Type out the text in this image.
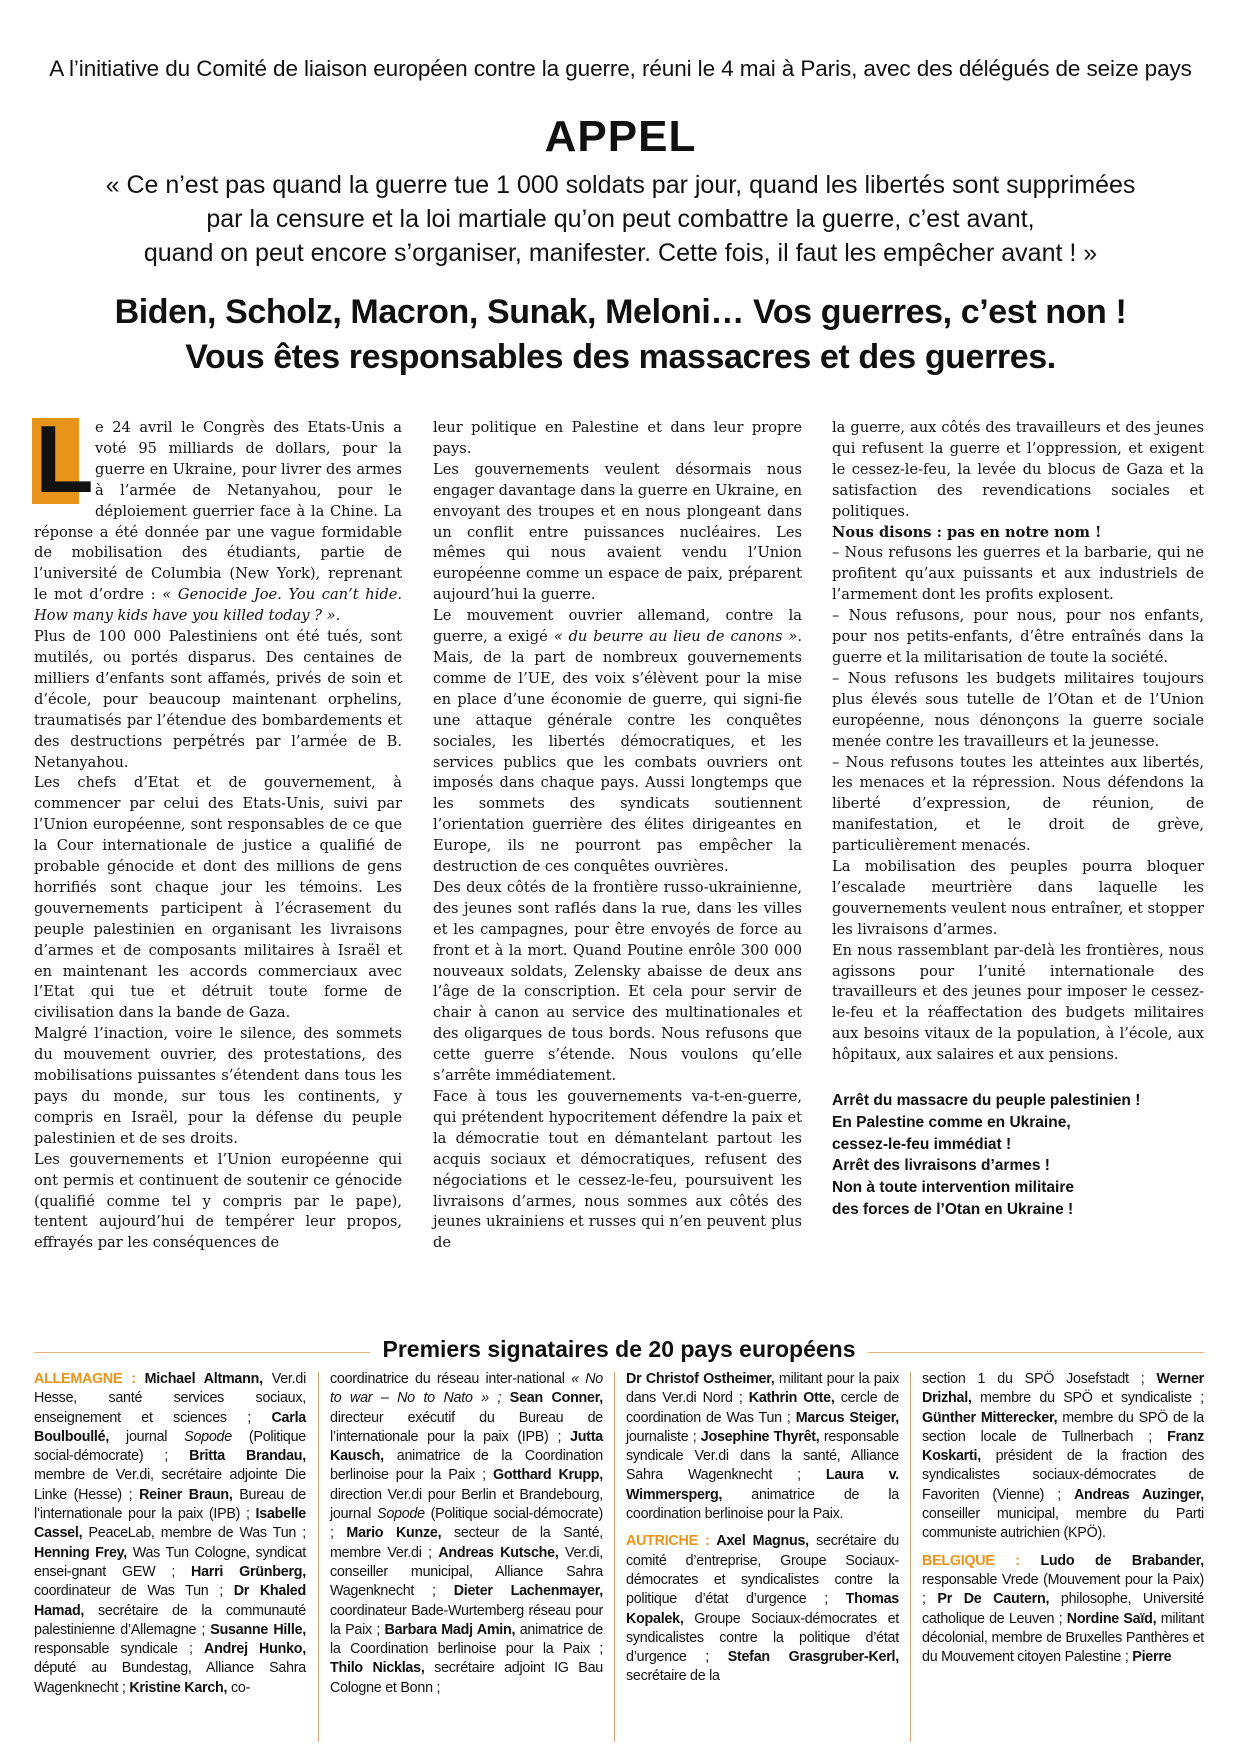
A l’initiative du Comité de liaison européen contre la guerre, réuni le 4 mai à Paris, avec des délégués de seize pays
APPEL
« Ce n’est pas quand la guerre tue 1 000 soldats par jour, quand les libertés sont supprimées
par la censure et la loi martiale qu’on peut combattre la guerre, c’est avant,
quand on peut encore s’organiser, manifester. Cette fois, il faut les empêcher avant ! »
Biden, Scholz, Macron, Sunak, Meloni… Vos guerres, c’est non !
Vous êtes responsables des massacres et des guerres.

L e 24 avril le Congrès des Etats-Unis a voté 95 milliards de dollars, pour la guerre en Ukraine, pour livrer des armes à l’armée de Netanyahou, pour le déploiement guerrier face à la Chine. La réponse a été donnée par une vague formidable de mobilisation des étudiants, partie de l’université de Columbia (New York), reprenant le mot d’ordre : « Genocide Joe. You can’t hide. How many kids have you killed today ? ».

Plus de 100 000 Palestiniens ont été tués, sont mutilés, ou portés disparus. Des centaines de milliers d’enfants sont affamés, privés de soin et d’école, pour beaucoup maintenant orphelins, traumatisés par l’étendue des bombardements et des destructions perpétrés par l’armée de B. Netanyahou.

Les chefs d’Etat et de gouvernement, à commencer par celui des Etats-Unis, suivi par l’Union européenne, sont responsables de ce que la Cour internationale de justice a qualifié de probable génocide et dont des millions de gens horrifiés sont chaque jour les témoins. Les gouvernements participent à l’écrasement du peuple palestinien en organisant les livraisons d’armes et de composants militaires à Israël et en maintenant les accords commerciaux avec l’Etat qui tue et détruit toute forme de civilisation dans la bande de Gaza.

Malgré l’inaction, voire le silence, des sommets du mouvement ouvrier, des protestations, des mobilisations puissantes s’étendent dans tous les pays du monde, sur tous les continents, y compris en Israël, pour la défense du peuple palestinien et de ses droits.

Les gouvernements et l’Union européenne qui ont permis et continuent de soutenir ce génocide (qualifié comme tel y compris par le pape), tentent aujourd’hui de tempérer leur propos, effrayés par les conséquences de

leur politique en Palestine et dans leur propre pays.

Les gouvernements veulent désormais nous engager davantage dans la guerre en Ukraine, en envoyant des troupes et en nous plongeant dans un conflit entre puissances nucléaires. Les mêmes qui nous avaient vendu l’Union européenne comme un espace de paix, préparent aujourd’hui la guerre.

Le mouvement ouvrier allemand, contre la guerre, a exigé « du beurre au lieu de canons ». Mais, de la part de nombreux gouvernements comme de l’UE, des voix s’élèvent pour la mise en place d’une économie de guerre, qui signi-fie une attaque générale contre les conquêtes sociales, les libertés démocratiques, et les services publics que les combats ouvriers ont imposés dans chaque pays. Aussi longtemps que les sommets des syndicats soutiennent l’orientation guerrière des élites dirigeantes en Europe, ils ne pourront pas empêcher la destruction de ces conquêtes ouvrières.

Des deux côtés de la frontière russo-ukrainienne, des jeunes sont raflés dans la rue, dans les villes et les campagnes, pour être envoyés de force au front et à la mort. Quand Poutine enrôle 300 000 nouveaux soldats, Zelensky abaisse de deux ans l’âge de la conscription. Et cela pour servir de chair à canon au service des multinationales et des oligarques de tous bords. Nous refusons que cette guerre s’étende. Nous voulons qu’elle s’arrête immédiatement.

Face à tous les gouvernements va-t-en-guerre, qui prétendent hypocritement défendre la paix et la démocratie tout en démantelant partout les acquis sociaux et démocratiques, refusent des négociations et le cessez-le-feu, poursuivent les livraisons d’armes, nous sommes aux côtés des jeunes ukrainiens et russes qui n’en peuvent plus de

la guerre, aux côtés des travailleurs et des jeunes qui refusent la guerre et l’oppression, et exigent le cessez-le-feu, la levée du blocus de Gaza et la satisfaction des revendications sociales et politiques.

Nous disons : pas en notre nom !

– Nous refusons les guerres et la barbarie, qui ne profitent qu’aux puissants et aux industriels de l’armement dont les profits explosent.

– Nous refusons, pour nous, pour nos enfants, pour nos petits-enfants, d’être entraînés dans la guerre et la militarisation de toute la société.

– Nous refusons les budgets militaires toujours plus élevés sous tutelle de l’Otan et de l’Union européenne, nous dénonçons la guerre sociale menée contre les travailleurs et la jeunesse.

– Nous refusons toutes les atteintes aux libertés, les menaces et la répression. Nous défendons la liberté d’expression, de réunion, de manifestation, et le droit de grève, particulièrement menacés.

La mobilisation des peuples pourra bloquer l’escalade meurtrière dans laquelle les gouvernements veulent nous entraîner, et stopper les livraisons d’armes.

En nous rassemblant par-delà les frontières, nous agissons pour l’unité internationale des travailleurs et des jeunes pour imposer le cessez-le-feu et la réaffectation des budgets militaires aux besoins vitaux de la population, à l’école, aux hôpitaux, aux salaires et aux pensions.

Arrêt du massacre du peuple palestinien !
En Palestine comme en Ukraine,
cessez-le-feu immédiat !
Arrêt des livraisons d’armes !
Non à toute intervention militaire
des forces de l’Otan en Ukraine !
Premiers signataires de 20 pays européens
ALLEMAGNE : Michael Altmann, Ver.di Hesse, santé services sociaux, enseignement et sciences ; Carla Boulboullé, journal Sopode (Politique social-démocrate) ; Britta Brandau, membre de Ver.di, secrétaire adjointe Die Linke (Hesse) ; Reiner Braun, Bureau de l’internationale pour la paix (IPB) ; Isabelle Cassel, PeaceLab, membre de Was Tun ; Henning Frey, Was Tun Cologne, syndicat ensei-gnant GEW ; Harri Grünberg, coordinateur de Was Tun ; Dr Khaled Hamad, secrétaire de la communauté palestinienne d’Allemagne ; Susanne Hille, responsable syndicale ; Andrej Hunko, député au Bundestag, Alliance Sahra Wagenknecht ; Kristine Karch, co-
coordinatrice du réseau inter-national « No to war – No to Nato » ; Sean Conner, directeur exécutif du Bureau de l’internationale pour la paix (IPB) ; Jutta Kausch, animatrice de la Coordination berlinoise pour la Paix ; Gotthard Krupp, direction Ver.di pour Berlin et Brandebourg, journal Sopode (Politique social-démocrate) ; Mario Kunze, secteur de la Santé, membre Ver.di ; Andreas Kutsche, Ver.di, conseiller municipal, Alliance Sahra Wagenknecht ; Dieter Lachenmayer, coordinateur Bade-Wurtemberg réseau pour la Paix ; Barbara Madj Amin, animatrice de la Coordination berlinoise pour la Paix ; Thilo Nicklas, secrétaire adjoint IG Bau Cologne et Bonn ;
Dr Christof Ostheimer, militant pour la paix dans Ver.di Nord ; Kathrin Otte, cercle de coordination de Was Tun ; Marcus Steiger, journaliste ; Josephine Thyrêt, responsable syndicale Ver.di dans la santé, Alliance Sahra Wagenknecht ; Laura v. Wimmersperg, animatrice de la coordination berlinoise pour la Paix.
AUTRICHE : Axel Magnus, secrétaire du comité d’entreprise, Groupe Sociaux-démocrates et syndicalistes contre la politique d’état d’urgence ; Thomas Kopalek, Groupe Sociaux-démocrates et syndicalistes contre la politique d’état d’urgence ; Stefan Grasgruber-Kerl, secrétaire de la
section 1 du SPÖ Josefstadt ; Werner Drizhal, membre du SPÖ et syndicaliste ; Günther Mitterecker, membre du SPÖ de la section locale de Tullnerbach ; Franz Koskarti, président de la fraction des syndicalistes sociaux-démocrates de Favoriten (Vienne) ; Andreas Auzinger, conseiller municipal, membre du Parti communiste autrichien (KPÖ).
BELGIQUE : Ludo de Brabander, responsable Vrede (Mouvement pour la Paix) ; Pr De Cautern, philosophe, Université catholique de Leuven ; Nordine Saïd, militant décolonial, membre de Bruxelles Panthères et du Mouvement citoyen Palestine ; Pierre
